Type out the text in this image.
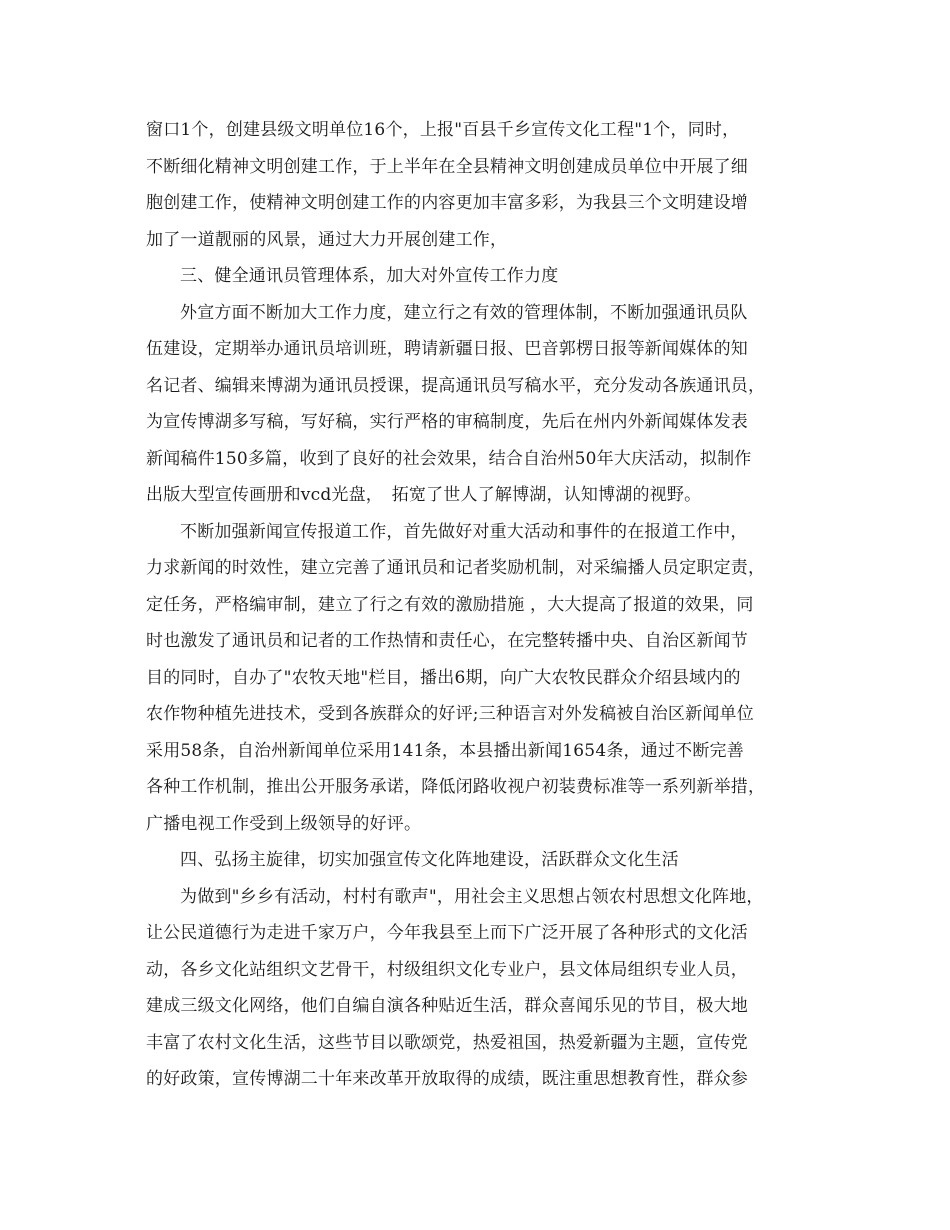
窗口1个，创建县级文明单位16个，上报"百县千乡宣传文化工程"1个，同时，
不断细化精神文明创建工作，于上半年在全县精神文明创建成员单位中开展了细
胞创建工作，使精神文明创建工作的内容更加丰富多彩，为我县三个文明建设增
加了一道靓丽的风景，通过大力开展创建工作，
三、健全通讯员管理体系，加大对外宣传工作力度
外宣方面不断加大工作力度，建立行之有效的管理体制，不断加强通讯员队
伍建设，定期举办通讯员培训班，聘请新疆日报、巴音郭楞日报等新闻媒体的知
名记者、编辑来博湖为通讯员授课，提高通讯员写稿水平，充分发动各族通讯员，
为宣传博湖多写稿，写好稿，实行严格的审稿制度，先后在州内外新闻媒体发表
新闻稿件150多篇，收到了良好的社会效果，结合自治州50年大庆活动，拟制作
出版大型宣传画册和vcd光盘，　拓宽了世人了解博湖，认知博湖的视野。
不断加强新闻宣传报道工作，首先做好对重大活动和事件的在报道工作中，
力求新闻的时效性，建立完善了通讯员和记者奖励机制，对采编播人员定职定责，
定任务，严格编审制，建立了行之有效的激励措施 ，大大提高了报道的效果，同
时也激发了通讯员和记者的工作热情和责任心，在完整转播中央、自治区新闻节
目的同时，自办了"农牧天地"栏目，播出6期，向广大农牧民群众介绍县域内的
农作物种植先进技术，受到各族群众的好评;三种语言对外发稿被自治区新闻单位
采用58条，自治州新闻单位采用141条，本县播出新闻1654条，通过不断完善
各种工作机制，推出公开服务承诺，降低闭路收视户初装费标准等一系列新举措，
广播电视工作受到上级领导的好评。
四、弘扬主旋律，切实加强宣传文化阵地建设，活跃群众文化生活
为做到"乡乡有活动，村村有歌声"，用社会主义思想占领农村思想文化阵地，
让公民道德行为走进千家万户，今年我县至上而下广泛开展了各种形式的文化活
动，各乡文化站组织文艺骨干，村级组织文化专业户，县文体局组织专业人员，
建成三级文化网络，他们自编自演各种贴近生活，群众喜闻乐见的节目，极大地
丰富了农村文化生活，这些节目以歌颂党，热爱祖国，热爱新疆为主题，宣传党
的好政策，宣传博湖二十年来改革开放取得的成绩，既注重思想教育性，群众参
